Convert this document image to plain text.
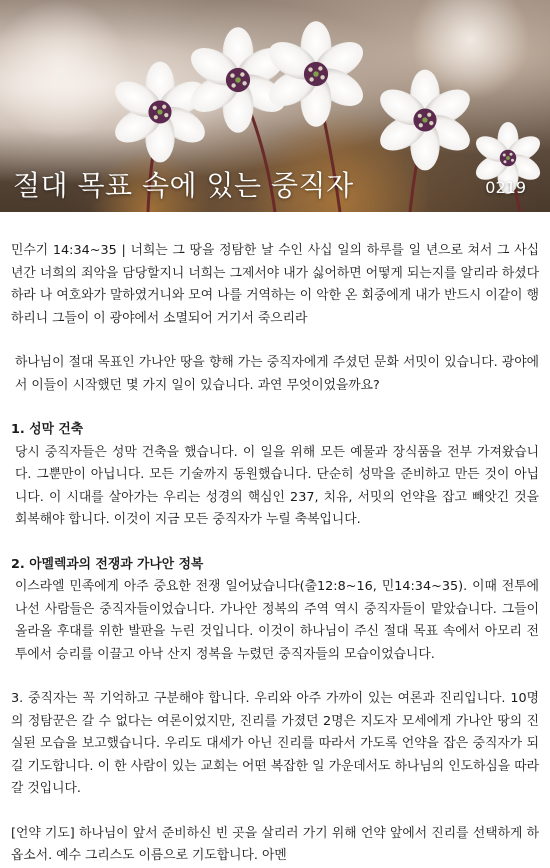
절대 목표 속에 있는 중직자	0219

민수기 14:34~35 | 너희는 그 땅을 정탐한 날 수인 사십 일의 하루를 일 년으로 쳐서 그 사십 년간 너희의 죄악을 담당할지니 너희는 그제서야 내가 싫어하면 어떻게 되는지를 알리라 하셨다 하라 나 여호와가 말하였거니와 모여 나를 거역하는 이 악한 온 회중에게 내가 반드시 이같이 행하리니 그들이 이 광야에서 소멸되어 거기서 죽으리라

하나님이 절대 목표인 가나안 땅을 향해 가는 중직자에게 주셨던 문화 서밋이 있습니다. 광야에서 이들이 시작했던 몇 가지 일이 있습니다. 과연 무엇이었을까요?

1. 성막 건축

당시 중직자들은 성막 건축을 했습니다. 이 일을 위해 모든 예물과 장식품을 전부 가져왔습니다. 그뿐만이 아닙니다. 모든 기술까지 동원했습니다. 단순히 성막을 준비하고 만든 것이 아닙니다. 이 시대를 살아가는 우리는 성경의 핵심인 237, 치유, 서밋의 언약을 잡고 빼앗긴 것을 회복해야 합니다. 이것이 지금 모든 중직자가 누릴 축복입니다.

2. 아멜렉과의 전쟁과 가나안 정복

이스라엘 민족에게 아주 중요한 전쟁 일어났습니다(출12:8~16, 민14:34~35). 이때 전투에 나선 사람들은 중직자들이었습니다. 가나안 정복의 주역 역시 중직자들이 맡았습니다. 그들이 올라올 후대를 위한 발판을 누린 것입니다. 이것이 하나님이 주신 절대 목표 속에서 아모리 전투에서 승리를 이끌고 아낙 산지 정복을 누렸던 중직자들의 모습이었습니다.

3. 중직자는 꼭 기억하고 구분해야 합니다. 우리와 아주 가까이 있는 여론과 진리입니다. 10명의 정탐꾼은 갈 수 없다는 여론이었지만, 진리를 가졌던 2명은 지도자 모세에게 가나안 땅의 진실된 모습을 보고했습니다. 우리도 대세가 아닌 진리를 따라서 가도록 언약을 잡은 중직자가 되길 기도합니다. 이 한 사람이 있는 교회는 어떤 복잡한 일 가운데서도 하나님의 인도하심을 따라갈 것입니다.

[언약 기도] 하나님이 앞서 준비하신 빈 곳을 살리러 가기 위해 언약 앞에서 진리를 선택하게 하옵소서. 예수 그리스도 이름으로 기도합니다. 아멘
